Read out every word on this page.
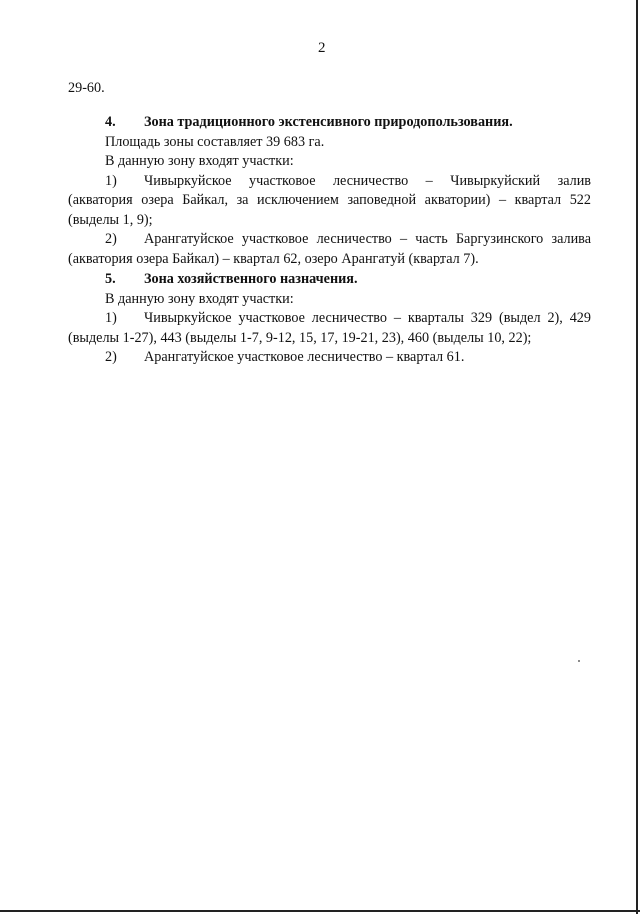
2
29-60.
4. Зона традиционного экстенсивного природопользования.
Площадь зоны составляет 39 683 га.
В данную зону входят участки:
1) Чивыркуйское участковое лесничество – Чивыркуйский залив
(акватория озера Байкал, за исключением заповедной акватории) – квартал 522
(выделы 1, 9);
2) Арангатуйское участковое лесничество – часть Баргузинского залива
(акватория озера Байкал) – квартал 62, озеро Арангатуй (квартал 7).
5. Зона хозяйственного назначения.
В данную зону входят участки:
1) Чивыркуйское участковое лесничество – кварталы 329 (выдел 2), 429
(выделы 1-27), 443 (выделы 1-7, 9-12, 15, 17, 19-21, 23), 460 (выделы 10, 22);
2) Арангатуйское участковое лесничество – квартал 61.
